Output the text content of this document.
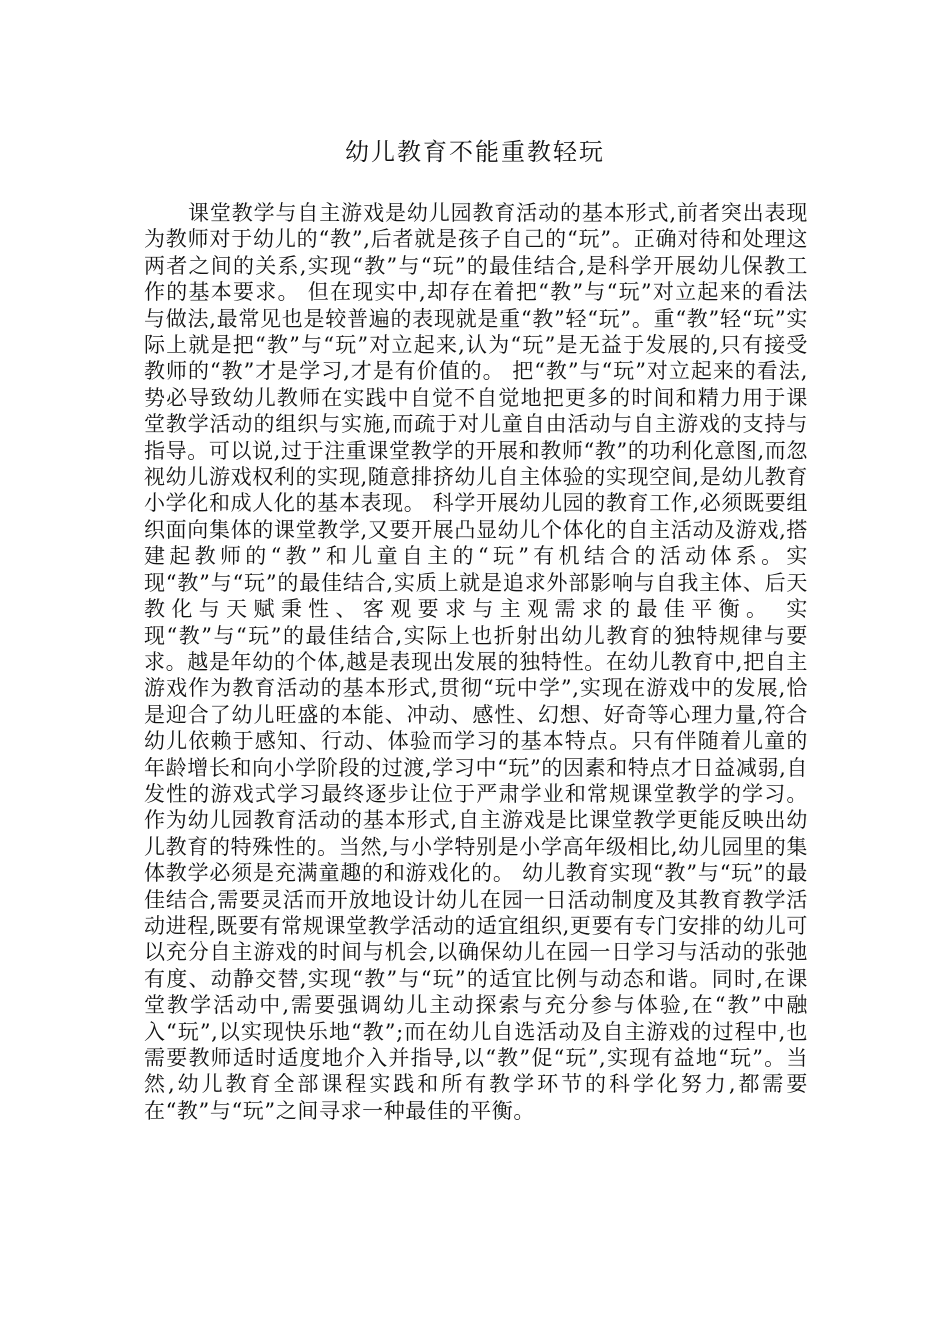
幼儿教育不能重教轻玩

课堂教学与自主游戏是幼儿园教育活动的基本形式,前者突出表现为教师对于幼儿的“教”,后者就是孩子自己的“玩”。正确对待和处理这两者之间的关系,实现“教”与“玩”的最佳结合,是科学开展幼儿保教工作的基本要求。 但在现实中,却存在着把“教”与“玩”对立起来的看法与做法,最常见也是较普遍的表现就是重“教”轻“玩”。重“教”轻“玩”实际上就是把“教”与“玩”对立起来,认为“玩”是无益于发展的,只有接受教师的“教”才是学习,才是有价值的。 把“教”与“玩”对立起来的看法,势必导致幼儿教师在实践中自觉不自觉地把更多的时间和精力用于课堂教学活动的组织与实施,而疏于对儿童自由活动与自主游戏的支持与指导。可以说,过于注重课堂教学的开展和教师“教”的功利化意图,而忽视幼儿游戏权利的实现,随意排挤幼儿自主体验的实现空间,是幼儿教育小学化和成人化的基本表现。 科学开展幼儿园的教育工作,必须既要组织面向集体的课堂教学,又要开展凸显幼儿个体化的自主活动及游戏,搭建起教师的“教”和儿童自主的“玩”有机结合的活动体系。实现“教”与“玩”的最佳结合,实质上就是追求外部影响与自我主体、后天教化与天赋秉性、客观要求与主观需求的最佳平衡。 实现“教”与“玩”的最佳结合,实际上也折射出幼儿教育的独特规律与要求。越是年幼的个体,越是表现出发展的独特性。在幼儿教育中,把自主游戏作为教育活动的基本形式,贯彻“玩中学”,实现在游戏中的发展,恰是迎合了幼儿旺盛的本能、冲动、感性、幻想、好奇等心理力量,符合幼儿依赖于感知、行动、体验而学习的基本特点。只有伴随着儿童的年龄增长和向小学阶段的过渡,学习中“玩”的因素和特点才日益减弱,自发性的游戏式学习最终逐步让位于严肃学业和常规课堂教学的学习。作为幼儿园教育活动的基本形式,自主游戏是比课堂教学更能反映出幼儿教育的特殊性的。当然,与小学特别是小学高年级相比,幼儿园里的集体教学必须是充满童趣的和游戏化的。 幼儿教育实现“教”与“玩”的最佳结合,需要灵活而开放地设计幼儿在园一日活动制度及其教育教学活动进程,既要有常规课堂教学活动的适宜组织,更要有专门安排的幼儿可以充分自主游戏的时间与机会,以确保幼儿在园一日学习与活动的张弛有度、动静交替,实现“教”与“玩”的适宜比例与动态和谐。同时,在课堂教学活动中,需要强调幼儿主动探索与充分参与体验,在“教”中融入“玩”,以实现快乐地“教”;而在幼儿自选活动及自主游戏的过程中,也需要教师适时适度地介入并指导,以“教”促“玩”,实现有益地“玩”。当然,幼儿教育全部课程实践和所有教学环节的科学化努力,都需要在“教”与“玩”之间寻求一种最佳的平衡。
